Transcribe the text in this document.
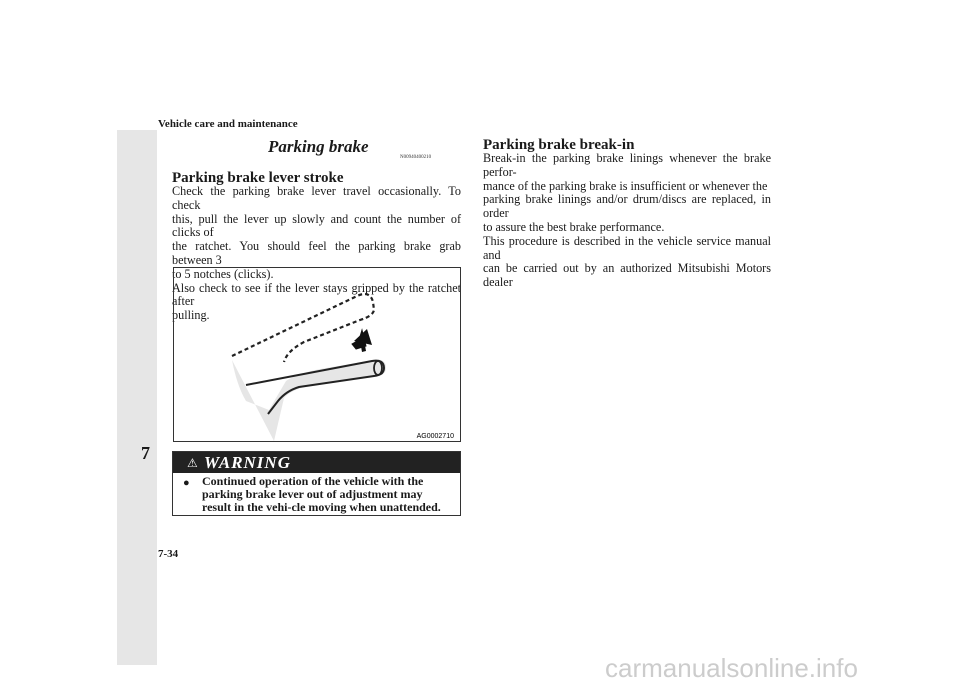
7
Vehicle care and maintenance
7-34
Parking brake
N00940400210
Parking brake lever stroke
Check the parking brake lever travel occasionally. To check
this, pull the lever up slowly and count the number of clicks of
the ratchet. You should feel the parking brake grab between 3
to 5 notches (clicks).
Also check to see if the lever stays gripped by the ratchet after
pulling.
AG0002710
⚠ WARNING
● Continued operation of the vehicle with the parking brake lever out of adjustment may result in the vehi-cle moving when unattended.
Parking brake break-in
Break-in the parking brake linings whenever the brake perfor-
mance of the parking brake is insufficient or whenever the
parking brake linings and/or drum/discs are replaced, in order
to assure the best brake performance.
This procedure is described in the vehicle service manual and
can be carried out by an authorized Mitsubishi Motors dealer
carmanualsonline.info
